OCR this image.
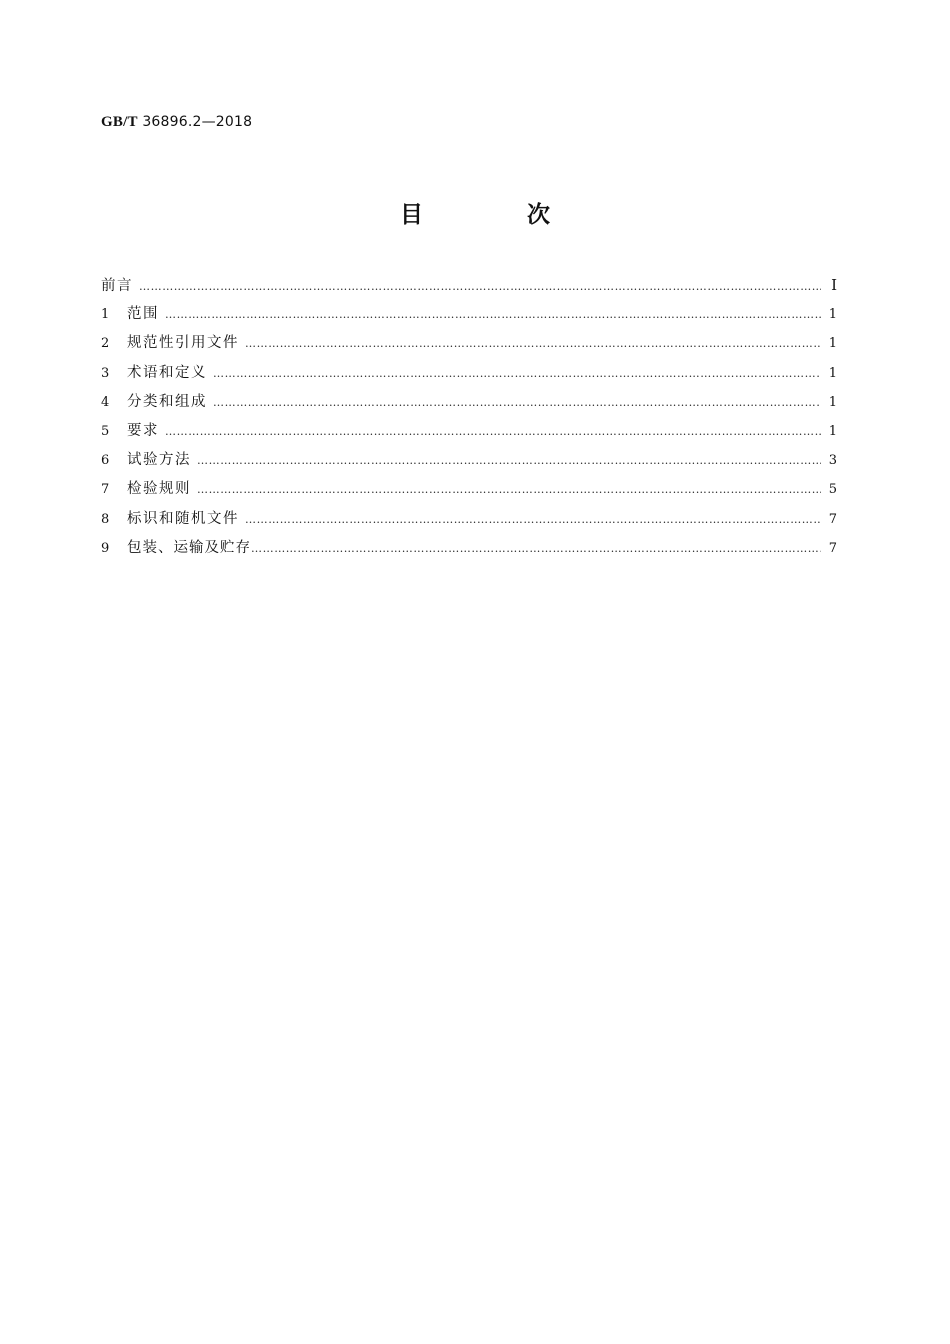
GB/T 36896.2—2018
目 次
前言 ………………………………………………………………………………………………………………………………………………………………………………………………………………………………	Ⅰ
1	范围 ………………………………………………………………………………………………………………………………………………………………………………………………………………………………	1
2	规范性引用文件 ………………………………………………………………………………………………………………………………………………………………………………………………………………………………	1
3	术语和定义 ………………………………………………………………………………………………………………………………………………………………………………………………………………………………	1
4	分类和组成 ………………………………………………………………………………………………………………………………………………………………………………………………………………………………	1
5	要求 ………………………………………………………………………………………………………………………………………………………………………………………………………………………………	1
6	试验方法 ………………………………………………………………………………………………………………………………………………………………………………………………………………………………	3
7	检验规则 ………………………………………………………………………………………………………………………………………………………………………………………………………………………………	5
8	标识和随机文件 ………………………………………………………………………………………………………………………………………………………………………………………………………………………………	7
9	包装、运输及贮存 ………………………………………………………………………………………………………………………………………………………………………………………………………………………………	7
